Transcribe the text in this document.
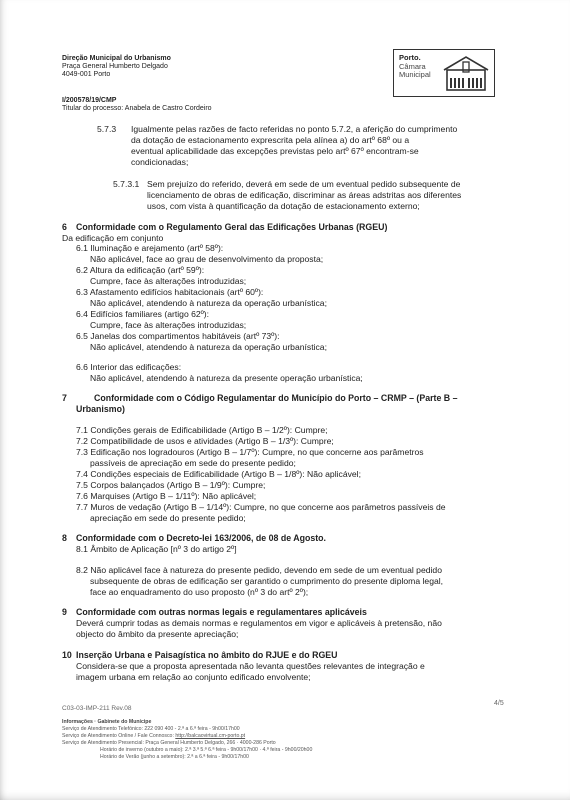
Direção Municipal do Urbanismo
Praça General Humberto Delgado
4049-001 Porto
Porto.
Câmara
Municipal
I/200578/19/CMP
Titular do processo: Anabela de Castro Cordeiro
5.7.3 Igualmente pelas razões de facto referidas no ponto 5.7.2, a aferição do cumprimento
da dotação de estacionamento exprescrita pela alínea a) do artº 68º ou a
eventual aplicabilidade das excepções previstas pelo artº 67º encontram-se
condicionadas;
5.7.3.1 Sem prejuízo do referido, deverá em sede de um eventual pedido subsequente de
licenciamento de obras de edificação, discriminar as áreas adstritas aos diferentes
usos, com vista à quantificação da dotação de estacionamento externo;
6 Conformidade com o Regulamento Geral das Edificações Urbanas (RGEU)
Da edificação em conjunto
6.1 Iluminação e arejamento (artº 58º):
Não aplicável, face ao grau de desenvolvimento da proposta;
6.2 Altura da edificação (artº 59º):
Cumpre, face às alterações introduzidas;
6.3 Afastamento edifícios habitacionais (artº 60º):
Não aplicável, atendendo à natureza da operação urbanística;
6.4 Edifícios familiares (artigo 62º):
Cumpre, face às alterações introduzidas;
6.5 Janelas dos compartimentos habitáveis (artº 73º):
Não aplicável, atendendo à natureza da operação urbanística;
6.6 Interior das edificações:
Não aplicável, atendendo à natureza da presente operação urbanística;
7	Conformidade com o Código Regulamentar do Município do Porto – CRMP – (Parte B –
Urbanismo)
7.1 Condições gerais de Edificabilidade (Artigo B – 1/2º): Cumpre;
7.2 Compatibilidade de usos e atividades (Artigo B – 1/3º): Cumpre;
7.3 Edificação nos logradouros (Artigo B – 1/7º): Cumpre, no que concerne aos parâmetros
passíveis de apreciação em sede do presente pedido;
7.4 Condições especiais de Edificabilidade (Artigo B – 1/8º): Não aplicável;
7.5 Corpos balançados (Artigo B – 1/9º): Cumpre;
7.6 Marquises (Artigo B – 1/11º): Não aplicável;
7.7 Muros de vedação (Artigo B – 1/14º): Cumpre, no que concerne aos parâmetros passíveis de
apreciação em sede do presente pedido;
8 Conformidade com o Decreto-lei 163/2006, de 08 de Agosto.
8.1 Âmbito de Aplicação [nº 3 do artigo 2º]
8.2 Não aplicável face à natureza do presente pedido, devendo em sede de um eventual pedido
subsequente de obras de edificação ser garantido o cumprimento do presente diploma legal,
face ao enquadramento do uso proposto (nº 3 do artº 2º);
9 Conformidade com outras normas legais e regulamentares aplicáveis
Deverá cumprir todas as demais normas e regulamentos em vigor e aplicáveis à pretensão, não
objecto do âmbito da presente apreciação;
10 Inserção Urbana e Paisagística no âmbito do RJUE e do RGEU
Considera-se que a proposta apresentada não levanta questões relevantes de integração e
imagem urbana em relação ao conjunto edificado envolvente;
C03-03-IMP-211 Rev.08
4/5
Informações · Gabinete do Munícipe
Serviço de Atendimento Telefónico: 222 090 400 - 2.ª a 6.ª feira - 9h00/17h00
Serviço de Atendimento Online / Fale Connosco: http://balcaovirtual.cm-porto.pt
Serviço de Atendimento Presencial: Praça General Humberto Delgado, 266 · 4000-286 Porto
Horário de inverno (outubro a maio): 2.ª 3.ª 5.ª 6.ª feira - 9h00/17h00 · 4.ª feira - 9h00/20h00
Horário de Verão (junho a setembro): 2.ª a 6.ª feira - 9h00/17h00
